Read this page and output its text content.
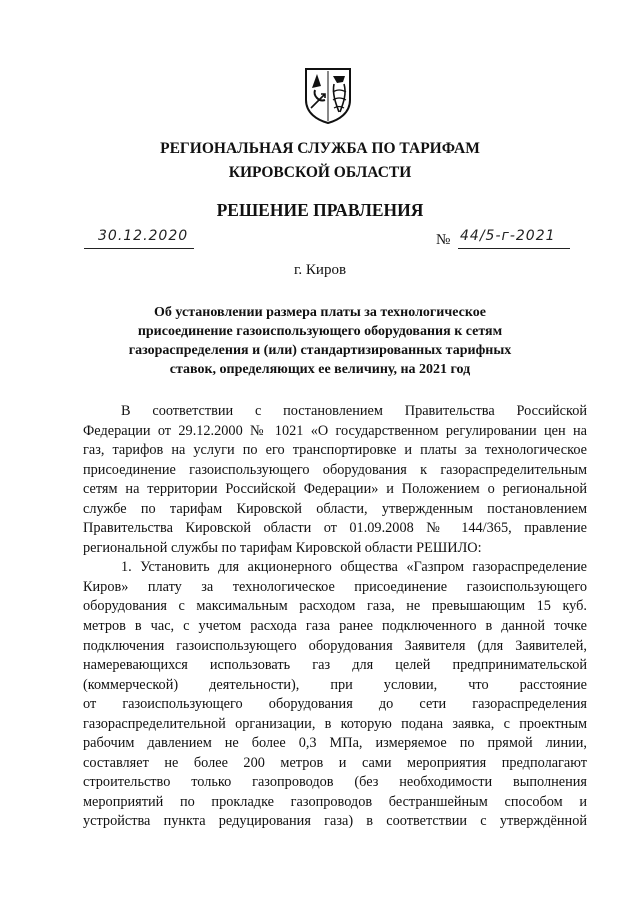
РЕГИОНАЛЬНАЯ СЛУЖБА ПО ТАРИФАМ
КИРОВСКОЙ ОБЛАСТИ
РЕШЕНИЕ ПРАВЛЕНИЯ
30.12.2020	№ 44/5-г-2021
г. Киров
Об установлении размера платы за технологическое
присоединение газоиспользующего оборудования к сетям
газораспределения и (или) стандартизированных тарифных
ставок, определяющих ее величину, на 2021 год
В соответствии с постановлением Правительства Российской
Федерации от 29.12.2000 № 1021 «О государственном регулировании цен на
газ, тарифов на услуги по его транспортировке и платы за технологическое
присоединение газоиспользующего оборудования к газораспределительным
сетям на территории Российской Федерации» и Положением о региональной
службе по тарифам Кировской области, утвержденным постановлением
Правительства Кировской области от 01.09.2008 № 144/365, правление
региональной службы по тарифам Кировской области РЕШИЛО:
1. Установить для акционерного общества «Газпром газораспределение
Киров» плату за технологическое присоединение газоиспользующего
оборудования с максимальным расходом газа, не превышающим 15 куб.
метров в час, с учетом расхода газа ранее подключенного в данной точке
подключения газоиспользующего оборудования Заявителя (для Заявителей,
намеревающихся использовать газ для целей предпринимательской
(коммерческой) деятельности), при условии, что расстояние
от газоиспользующего оборудования до сети газораспределения
газораспределительной организации, в которую подана заявка, с проектным
рабочим давлением не более 0,3 МПа, измеряемое по прямой линии,
составляет не более 200 метров и сами мероприятия предполагают
строительство только газопроводов (без необходимости выполнения
мероприятий по прокладке газопроводов бестраншейным способом и
устройства пункта редуцирования газа) в соответствии с утверждённой
